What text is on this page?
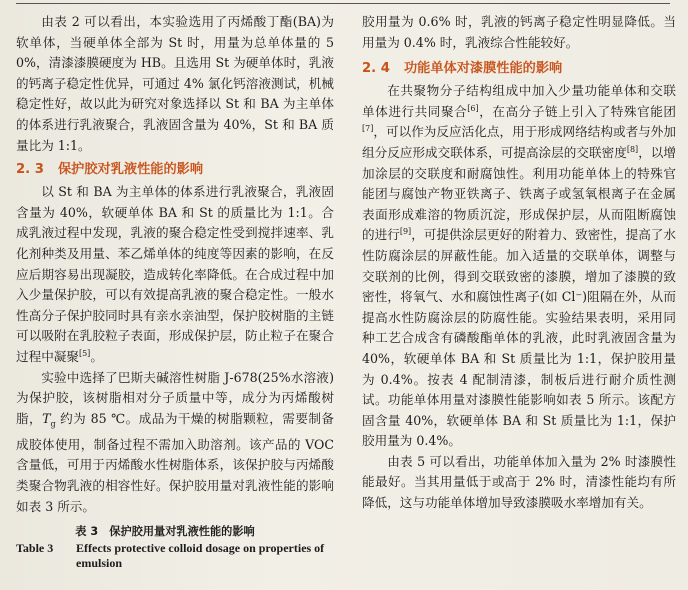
由表 2 可以看出，本实验选用了丙烯酸丁酯(BA)为软单体，当硬单体全部为 St 时，用量为总单体量的 50%，清漆漆膜硬度为 HB。且选用 St 为硬单体时，乳液的钙离子稳定性优异，可通过 4% 氯化钙溶液测试，机械稳定性好，故以此为研究对象选择以 St 和 BA 为主单体的体系进行乳液聚合，乳液固含量为 40%，St 和 BA 质量比为 1:1。

2. 3 保护胶对乳液性能的影响

以 St 和 BA 为主单体的体系进行乳液聚合，乳液固含量为 40%，软硬单体 BA 和 St 的质量比为 1:1。合成乳液过程中发现，乳液的聚合稳定性受到搅拌速率、乳化剂种类及用量、苯乙烯单体的纯度等因素的影响，在反应后期容易出现凝胶，造成转化率降低。在合成过程中加入少量保护胶，可以有效提高乳液的聚合稳定性。一般水性高分子保护胶同时具有亲水亲油型，保护胶树脂的主链可以吸附在乳胶粒子表面，形成保护层，防止粒子在聚合过程中凝聚[5]。

实验中选择了巴斯夫碱溶性树脂 J-678(25%水溶液)为保护胶，该树脂相对分子质量中等，成分为丙烯酸树脂，$T_g$ 约为 85 ℃。成品为干燥的树脂颗粒，需要制备成胶体使用，制备过程不需加入助溶剂。该产品的 VOC 含量低，可用于丙烯酸水性树脂体系，该保护胶与丙烯酸类聚合物乳液的相容性好。保护胶用量对乳液性能的影响如表 3 所示。

表 3　保护胶用量对乳液性能的影响
Table 3	Effects protective colloid dosage on properties of emulsion

胶用量为 0.6% 时，乳液的钙离子稳定性明显降低。当用量为 0.4% 时，乳液综合性能较好。

2. 4 功能单体对漆膜性能的影响

在共聚物分子结构组成中加入少量功能单体和交联单体进行共同聚合[6]，在高分子链上引入了特殊官能团[7]，可以作为反应活化点，用于形成网络结构或者与外加组分反应形成交联体系，可提高涂层的交联密度[8]，以增加涂层的交联度和耐腐蚀性。利用功能单体上的特殊官能团与腐蚀产物亚铁离子、铁离子或氢氧根离子在金属表面形成难溶的物质沉淀，形成保护层，从而阻断腐蚀的进行[9]，可提供涂层更好的附着力、致密性，提高了水性防腐涂层的屏蔽性能。加入适量的交联单体，调整与交联剂的比例，得到交联致密的漆膜，增加了漆膜的致密性，将氧气、水和腐蚀性离子(如 Cl⁻)阻隔在外，从而提高水性防腐涂层的防腐性能。实验结果表明，采用同种工艺合成含有磷酸酯单体的乳液，此时乳液固含量为 40%，软硬单体 BA 和 St 质量比为 1:1，保护胶用量为 0.4%。按表 4 配制清漆，制板后进行耐介质性测试。功能单体用量对漆膜性能影响如表 5 所示。该配方固含量 40%，软硬单体 BA 和 St 质量比为 1:1，保护胶用量为 0.4%。

由表 5 可以看出，功能单体加入量为 2% 时漆膜性能最好。当其用量低于或高于 2% 时，清漆性能均有所降低，这与功能单体增加导致漆膜吸水率增加有关。
